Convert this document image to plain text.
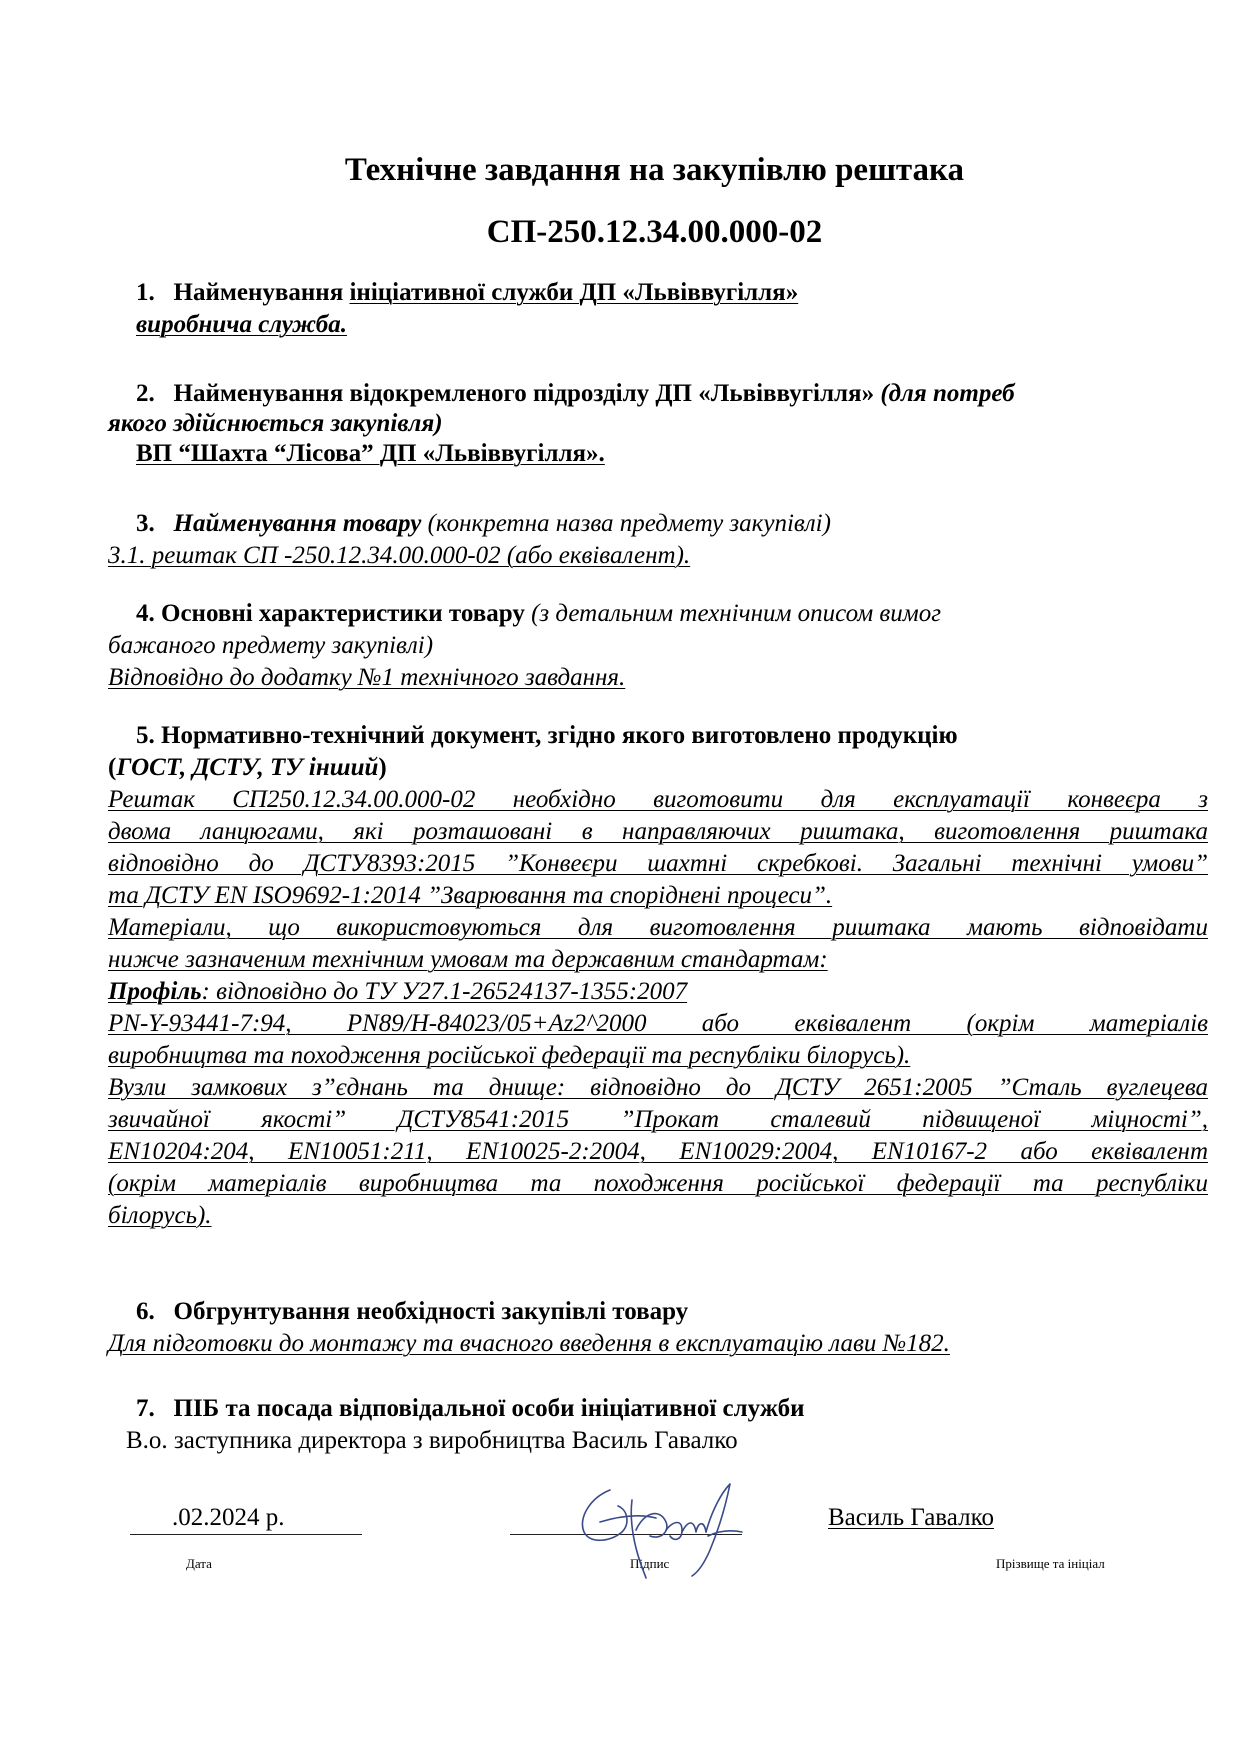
Технічне завдання на закупівлю рештака
СП-250.12.34.00.000-02
1. Найменування ініціативної служби ДП «Львіввугілля»
виробнича служба.
2. Найменування відокремленого підрозділу ДП «Львіввугілля» (для потреб
якого здійснюється закупівля)
ВП “Шахта “Лісова” ДП «Львіввугілля».
3. Найменування товару (конкретна назва предмету закупівлі)
3.1. рештак СП -250.12.34.00.000-02 (або еквівалент).
4. Основні характеристики товару (з детальним технічним описом вимог
бажаного предмету закупівлі)
Відповідно до додатку №1 технічного завдання.
5. Нормативно-технічний документ, згідно якого виготовлено продукцію
(ГОСТ, ДСТУ, ТУ інший)
Рештак СП250.12.34.00.000-02 необхідно виготовити для експлуатації конвеєра з
двома ланцюгами, які розташовані в направляючих риштака, виготовлення риштака
відповідно до ДСТУ8393:2015 ”Конвеєри шахтні скребкові. Загальні технічні умови”
та ДСТУ EN ISO9692-1:2014 ”Зварювання та споріднені процеси”.
Матеріали, що використовуються для виготовлення риштака мають відповідати
нижче зазначеним технічним умовам та державним стандартам:
Профіль: відповідно до ТУ У27.1-26524137-1355:2007
PN-Y-93441-7:94, PN89/H-84023/05+Az2^2000 або еквівалент (окрім матеріалів
виробництва та походження російської федерації та республіки білорусь).
Вузли замкових з”єднань та днище: відповідно до ДСТУ 2651:2005 ”Сталь вуглецева
звичайної якості” ДСТУ8541:2015 ”Прокат сталевий підвищеної міцності”,
EN10204:204, EN10051:211, EN10025-2:2004, EN10029:2004, EN10167-2 або еквівалент
(окрім матеріалів виробництва та походження російської федерації та республіки
білорусь).
6. Обгрунтування необхідності закупівлі товару
Для підготовки до монтажу та вчасного введення в експлуатацію лави №182.
7. ПІБ та посада відповідальної особи ініціативної служби
В.о. заступника директора з виробництва Василь Гавалко
.02.2024 р.	Василь Гавалко
Дата	Підпис	Прізвище та ініціал
